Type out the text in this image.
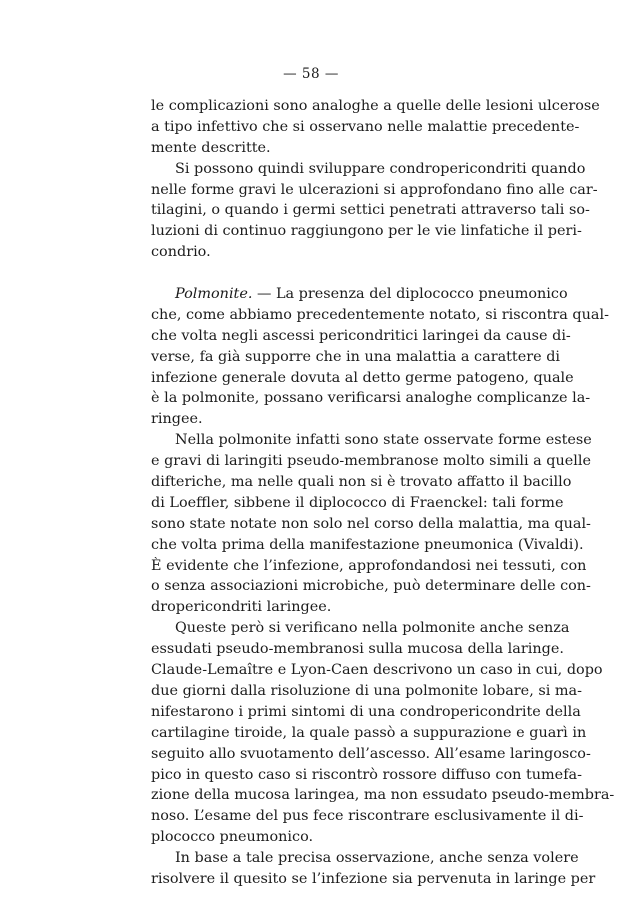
— 58 —
le complicazioni sono analoghe a quelle delle lesioni ulcerose
a tipo infettivo che si osservano nelle malattie precedente-
mente descritte.
Si possono quindi sviluppare condropericondriti quando
nelle forme gravi le ulcerazioni si approfondano fino alle car-
tilagini, o quando i germi settici penetrati attraverso tali so-
luzioni di continuo raggiungono per le vie linfatiche il peri-
condrio.
Polmonite. — La presenza del diplococco pneumonico
che, come abbiamo precedentemente notato, si riscontra qual-
che volta negli ascessi pericondritici laringei da cause di-
verse, fa già supporre che in una malattia a carattere di
infezione generale dovuta al detto germe patogeno, quale
è la polmonite, possano verificarsi analoghe complicanze la-
ringee.
Nella polmonite infatti sono state osservate forme estese
e gravi di laringiti pseudo-membranose molto simili a quelle
difteriche, ma nelle quali non si è trovato affatto il bacillo
di Loeffler, sibbene il diplococco di Fraenckel: tali forme
sono state notate non solo nel corso della malattia, ma qual-
che volta prima della manifestazione pneumonica (Vivaldi).
È evidente che l’infezione, approfondandosi nei tessuti, con
o senza associazioni microbiche, può determinare delle con-
dropericondriti laringee.
Queste però si verificano nella polmonite anche senza
essudati pseudo-membranosi sulla mucosa della laringe.
Claude-Lemaître e Lyon-Caen descrivono un caso in cui, dopo
due giorni dalla risoluzione di una polmonite lobare, si ma-
nifestarono i primi sintomi di una condropericondrite della
cartilagine tiroide, la quale passò a suppurazione e guarì in
seguito allo svuotamento dell’ascesso. All’esame laringosco-
pico in questo caso si riscontrò rossore diffuso con tumefa-
zione della mucosa laringea, ma non essudato pseudo-membra-
noso. L’esame del pus fece riscontrare esclusivamente il di-
plococco pneumonico.
In base a tale precisa osservazione, anche senza volere
risolvere il quesito se l’infezione sia pervenuta in laringe per
